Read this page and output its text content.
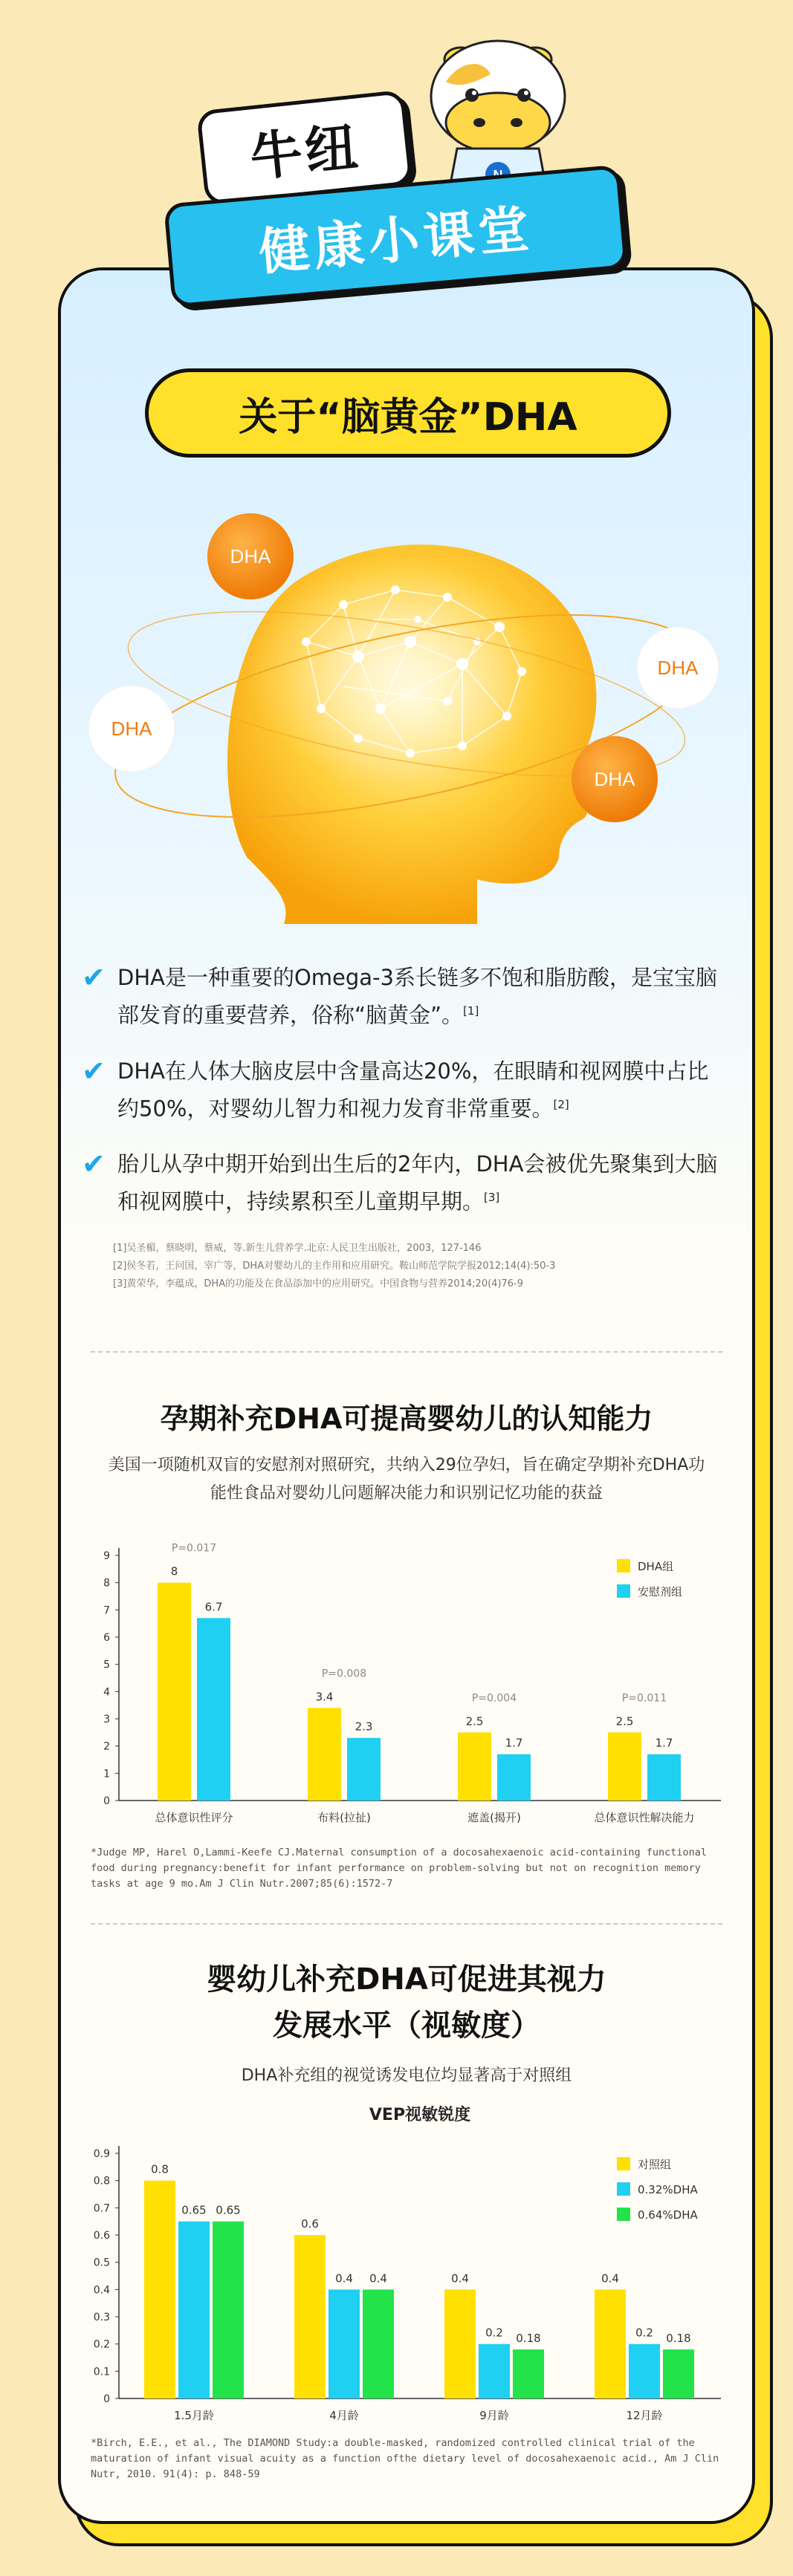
关于“脑黄金”DHA
DHA
DHA
DHA
DHA
✔ DHA是一种重要的Omega-3系长链多不饱和脂肪酸，是宝宝脑部发育的重要营养，俗称“脑黄金”。[1]
✔ DHA在人体大脑皮层中含量高达20%，在眼睛和视网膜中占比约50%，对婴幼儿智力和视力发育非常重要。[2]
✔ 胎儿从孕中期开始到出生后的2年内，DHA会被优先聚集到大脑和视网膜中，持续累积至儿童期早期。[3]
[1]吴圣楣，蔡晓明，蔡威，等.新生儿营养学.北京:人民卫生出版社，2003，127-146
[2]侯冬若，王问国，宰广等，DHA对婴幼儿的主作用和应用研究。鞍山师范学院学报2012;14(4):50-3
[3]黄荣华，李蕴成，DHA的功能及在食品添加中的应用研究。中国食物与营养2014;20(4)76-9
孕期补充DHA可提高婴幼儿的认知能力
美国一项随机双盲的安慰剂对照研究，共纳入29位孕妇，旨在确定孕期补充DHA功能性食品对婴幼儿问题解决能力和识别记忆功能的获益
0
1
2
3
4
5
6
7
8
9
8
6.7
P=0.017
总体意识性评分
3.4
2.3
P=0.008
布料(拉扯)
2.5
1.7
P=0.004
遮盖(揭开)
2.5
1.7
P=0.011
总体意识性解决能力
DHA组
安慰剂组
*Judge MP, Harel O,Lammi-Keefe CJ.Maternal consumption of a docosahexaenoic acid-containing functional food during pregnancy:benefit for infant performance on problem-solving but not on recognition memory tasks at age 9 mo.Am J Clin Nutr.2007;85(6):1572-7
婴幼儿补充DHA可促进其视力
发展水平（视敏度）
DHA补充组的视觉诱发电位均显著高于对照组
0
0.1
0.2
0.3
0.4
0.5
0.6
0.7
0.8
0.9
VEP视敏锐度
0.8
0.65 0.65
1.5月龄
0.6
0.4 0.4
4月龄
0.4
0.2 0.18
9月龄
0.4
0.2 0.18
12月龄
对照组
0.32%DHA
0.64%DHA
*Birch, E.E., et al., The DIAMOND Study:a double-masked, randomized controlled clinical trial of the maturation of infant visual acuity as a function ofthe dietary level of docosahexaenoic acid., Am J Clin Nutr, 2010. 91(4): p. 848-59
牛纽
健康小课堂
